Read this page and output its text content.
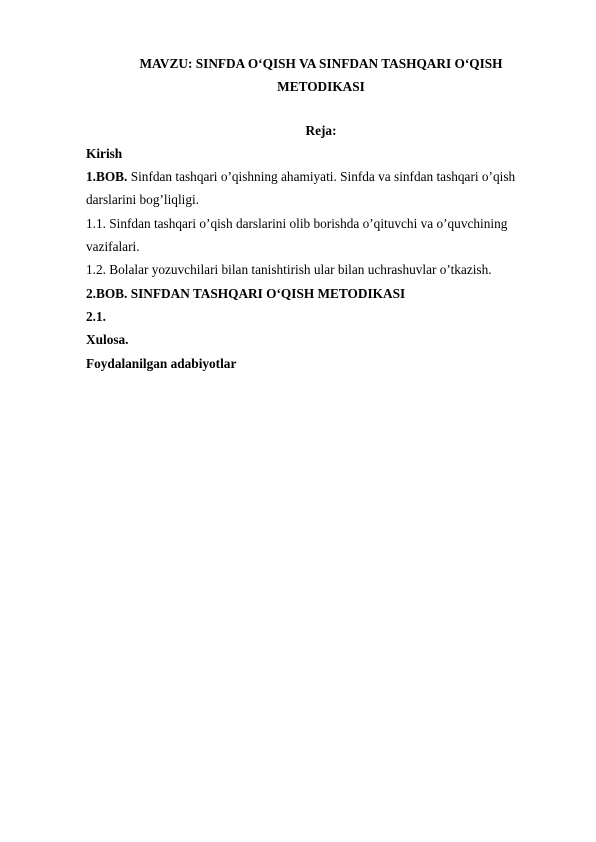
MAVZU: SINFDA O‘QISH VA SINFDAN TASHQARI O‘QISH
METODIKASI
Reja:
Kirish
1.BOB. Sinfdan tashqari o’qishning ahamiyati. Sinfda va sinfdan tashqari o’qish
darslarini bog’liqligi.
1.1. Sinfdan tashqari o’qish darslarini olib borishda o’qituvchi va o’quvchining
vazifalari.
1.2. Bolalar yozuvchilari bilan tanishtirish ular bilan uchrashuvlar o’tkazish.
2.BOB. SINFDAN TASHQARI O‘QISH METODIKASI
2.1.
Xulosa.
Foydalanilgan adabiyotlar
